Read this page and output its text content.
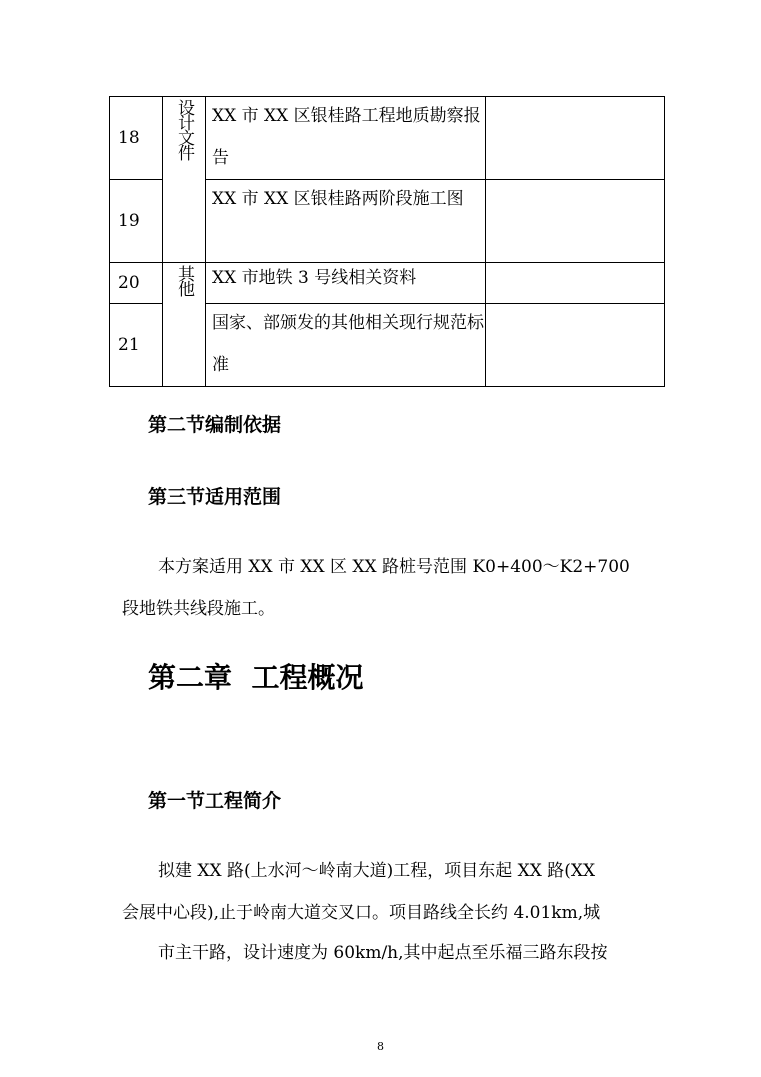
18	设计文件	XX 市 XX 区银桂路工程地质勘察报告	

19		XX 市 XX 区银桂路两阶段施工图	

20	其他	XX 市地铁 3 号线相关资料	

21		国家、部颁发的其他相关现行规范标准	

第二节编制依据
第三节适用范围

本方案适用 XX 市 XX 区 XX 路桩号范围 K0+400～K2+700

段地铁共线段施工。

第二章  工程概况
第一节工程简介

拟建 XX 路(上水河～岭南大道)工程，项目东起 XX 路(XX

会展中心段),止于岭南大道交叉口。项目路线全长约 4.01km,城

市主干路，设计速度为 60km/h,其中起点至乐福三路东段按

8
